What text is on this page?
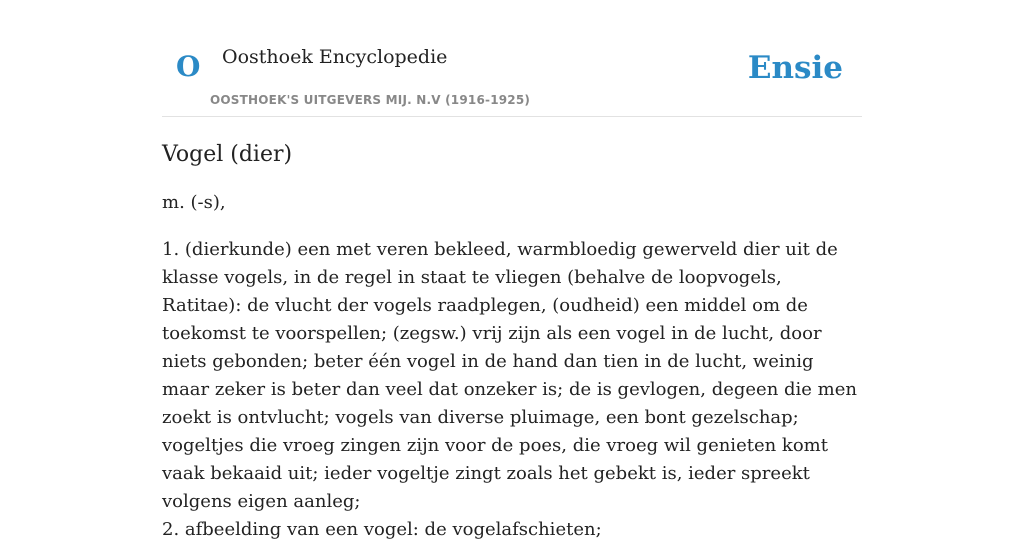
O Oosthoek Encyclopedie
OOSTHOEK'S UITGEVERS MIJ. N.V (1916-1925)
Ensie
Vogel (dier)

m. (-s),

1. (dierkunde) een met veren bekleed, warmbloedig gewerveld dier uit de klasse vogels, in de regel in staat te vliegen (behalve de loopvogels, Ratitae): de vlucht der vogels raadplegen, (oudheid) een middel om de toekomst te voorspellen; (zegsw.) vrij zijn als een vogel in de lucht, door niets gebonden; beter één vogel in de hand dan tien in de lucht, weinig maar zeker is beter dan veel dat onzeker is; de is gevlogen, degeen die men zoekt is ontvlucht; vogels van diverse pluimage, een bont gezelschap; vogeltjes die vroeg zingen zijn voor de poes, die vroeg wil genieten komt vaak bekaaid uit; ieder vogeltje zingt zoals het gebekt is, ieder spreekt volgens eigen aanleg;
2. afbeelding van een vogel: de vogelafschieten;
